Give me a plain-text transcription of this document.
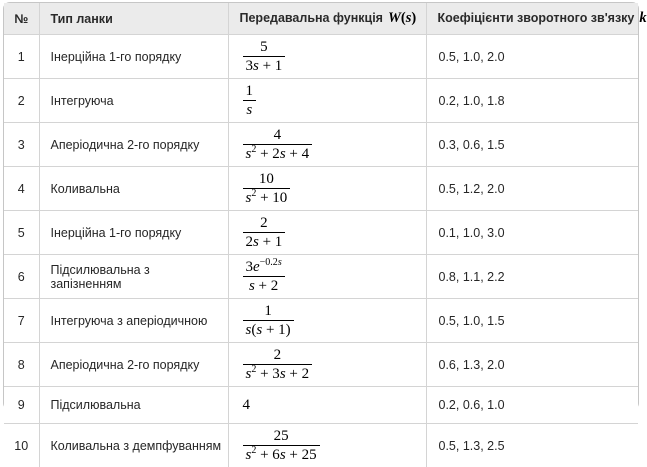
№	Тип ланки	Передавальна функція W(s)	Коефіцієнти зворотного зв'язку k
1	Інерційна 1-го порядку	$\frac{5}{3s + 1}$	0.5, 1.0, 2.0
2	Інтегруюча	$\frac{1}{s}$	0.2, 1.0, 1.8
3	Аперіодична 2-го порядку	$\frac{4}{s^2 + 2s + 4}$	0.3, 0.6, 1.5
4	Коливальна	$\frac{10}{s^2 + 10}$	0.5, 1.2, 2.0
5	Інерційна 1-го порядку	$\frac{2}{2s + 1}$	0.1, 1.0, 3.0
6	Підсилювальна з запізненням	$\frac{3e^{-0.2s}}{s + 2}$	0.8, 1.1, 2.2
7	Інтегруюча з аперіодичною	$\frac{1}{s(s + 1)}$	0.5, 1.0, 1.5
8	Аперіодична 2-го порядку	$\frac{2}{s^2 + 3s + 2}$	0.6, 1.3, 2.0
9	Підсилювальна	4	0.2, 0.6, 1.0
10	Коливальна з демпфуванням	$\frac{25}{s^2 + 6s + 25}$	0.5, 1.3, 2.5
